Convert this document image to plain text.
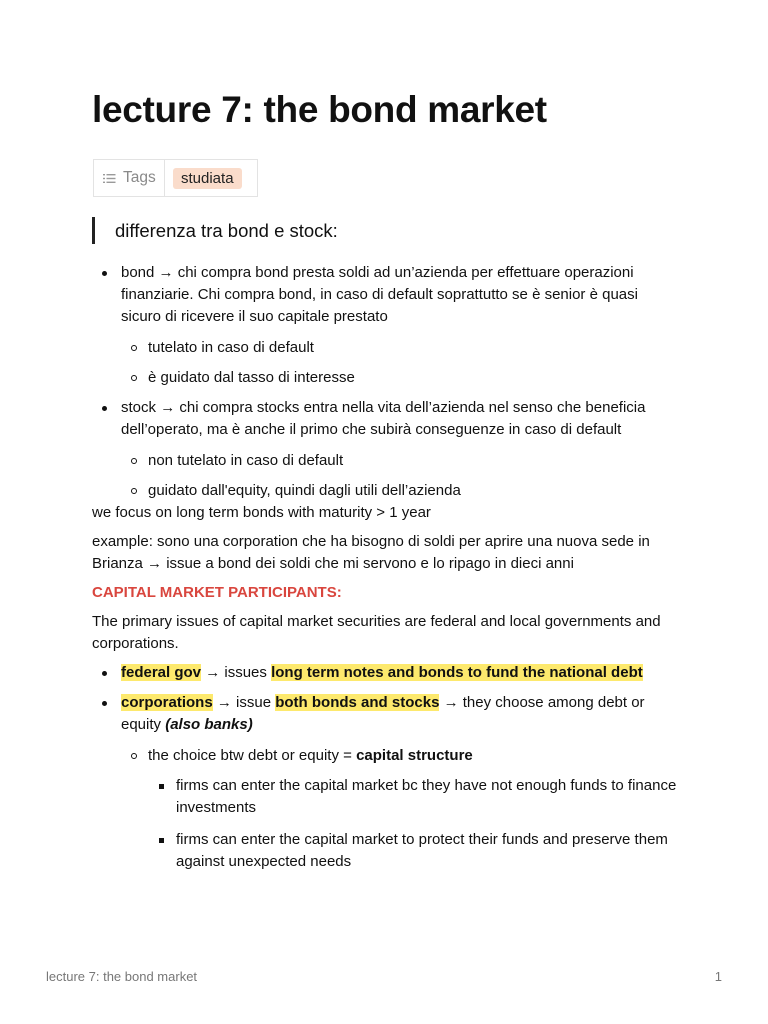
lecture 7: the bond market
Tags	studiata
differenza tra bond e stock:
bond → chi compra bond presta soldi ad un’azienda per effettuare operazioni finanziarie. Chi compra bond, in caso di default soprattutto se è senior è quasi sicuro di ricevere il suo capitale prestato
tutelato in caso di default
è guidato dal tasso di interesse
stock → chi compra stocks entra nella vita dell’azienda nel senso che beneficia dell’operato, ma è anche il primo che subirà conseguenze in caso di default
non tutelato in caso di default
guidato dall'equity, quindi dagli utili dell’azienda

we focus on long term bonds with maturity > 1 year

example: sono una corporation che ha bisogno di soldi per aprire una nuova sede in Brianza → issue a bond dei soldi che mi servono e lo ripago in dieci anni

CAPITAL MARKET PARTICIPANTS:

The primary issues of capital market securities are federal and local governments and corporations.

federal gov → issues long term notes and bonds to fund the national debt
corporations → issue both bonds and stocks → they choose among debt or equity (also banks)
the choice btw debt or equity = capital structure
firms can enter the capital market bc they have not enough funds to finance investments
firms can enter the capital market to protect their funds and preserve them against unexpected needs
lecture 7: the bond market	1
